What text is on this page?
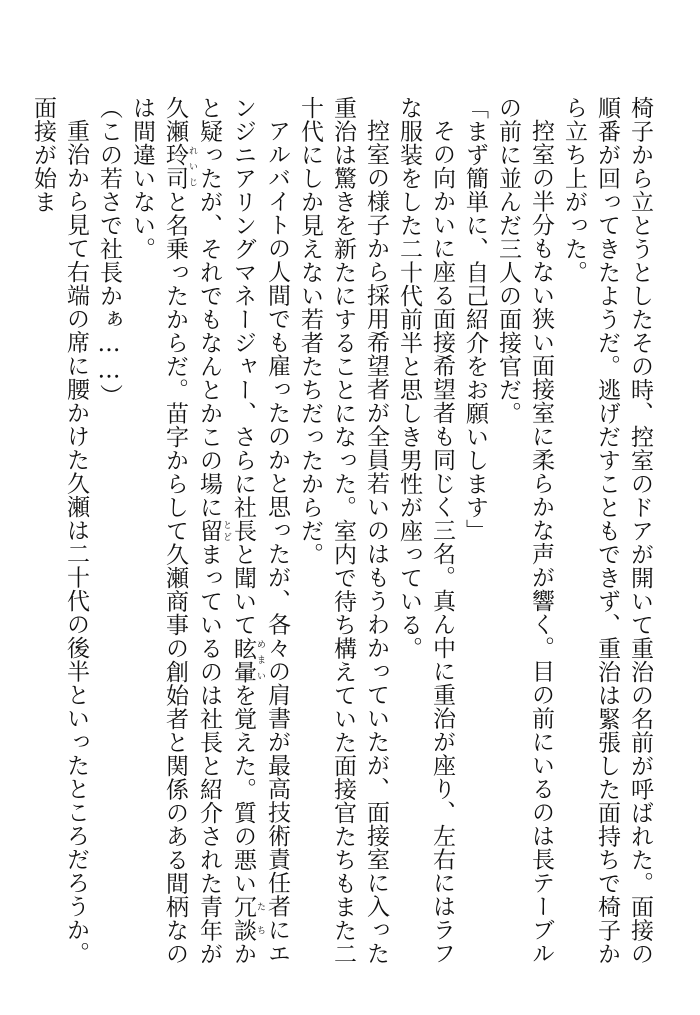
椅子から立とうとしたその時、控室のドアが開いて重治の名前が呼ばれた。面接の順番が回ってきたようだ。逃げだすこともできず、重治は緊張した面持ちで椅子から立ち上がった。

控室の半分もない狭い面接室に柔らかな声が響く。目の前にいるのは長テーブルの前に並んだ三人の面接官だ。

「まず簡単に、自己紹介をお願いします」

その向かいに座る面接希望者も同じく三名。真ん中に重治が座り、左右にはラフな服装をした二十代前半と思しき男性が座っている。

控室の様子から採用希望者が全員若いのはもうわかっていたが、面接室に入った重治は驚きを新たにすることになった。室内で待ち構えていた面接官たちもまた二十代にしか見えない若者たちだったからだ。

アルバイトの人間でも雇ったのかと思ったが、各々の肩書が最高技術責任者にエンジニアリングマネージャー、さらに社長と聞いて眩暈 めまいを覚えた。質の悪い冗談 たちかと疑ったが、それでもなんとかこの場に留 とどまっているのは社長と紹介された青年が久瀬玲司 れいじと名乗ったからだ。苗字からして久瀬商事の創始者と関係のある間柄なのは間違いない。

（この若さで社長かぁ……）

重治から見て右端の席に腰かけた久瀬は二十代の後半といったところだろうか。面接が始ま
